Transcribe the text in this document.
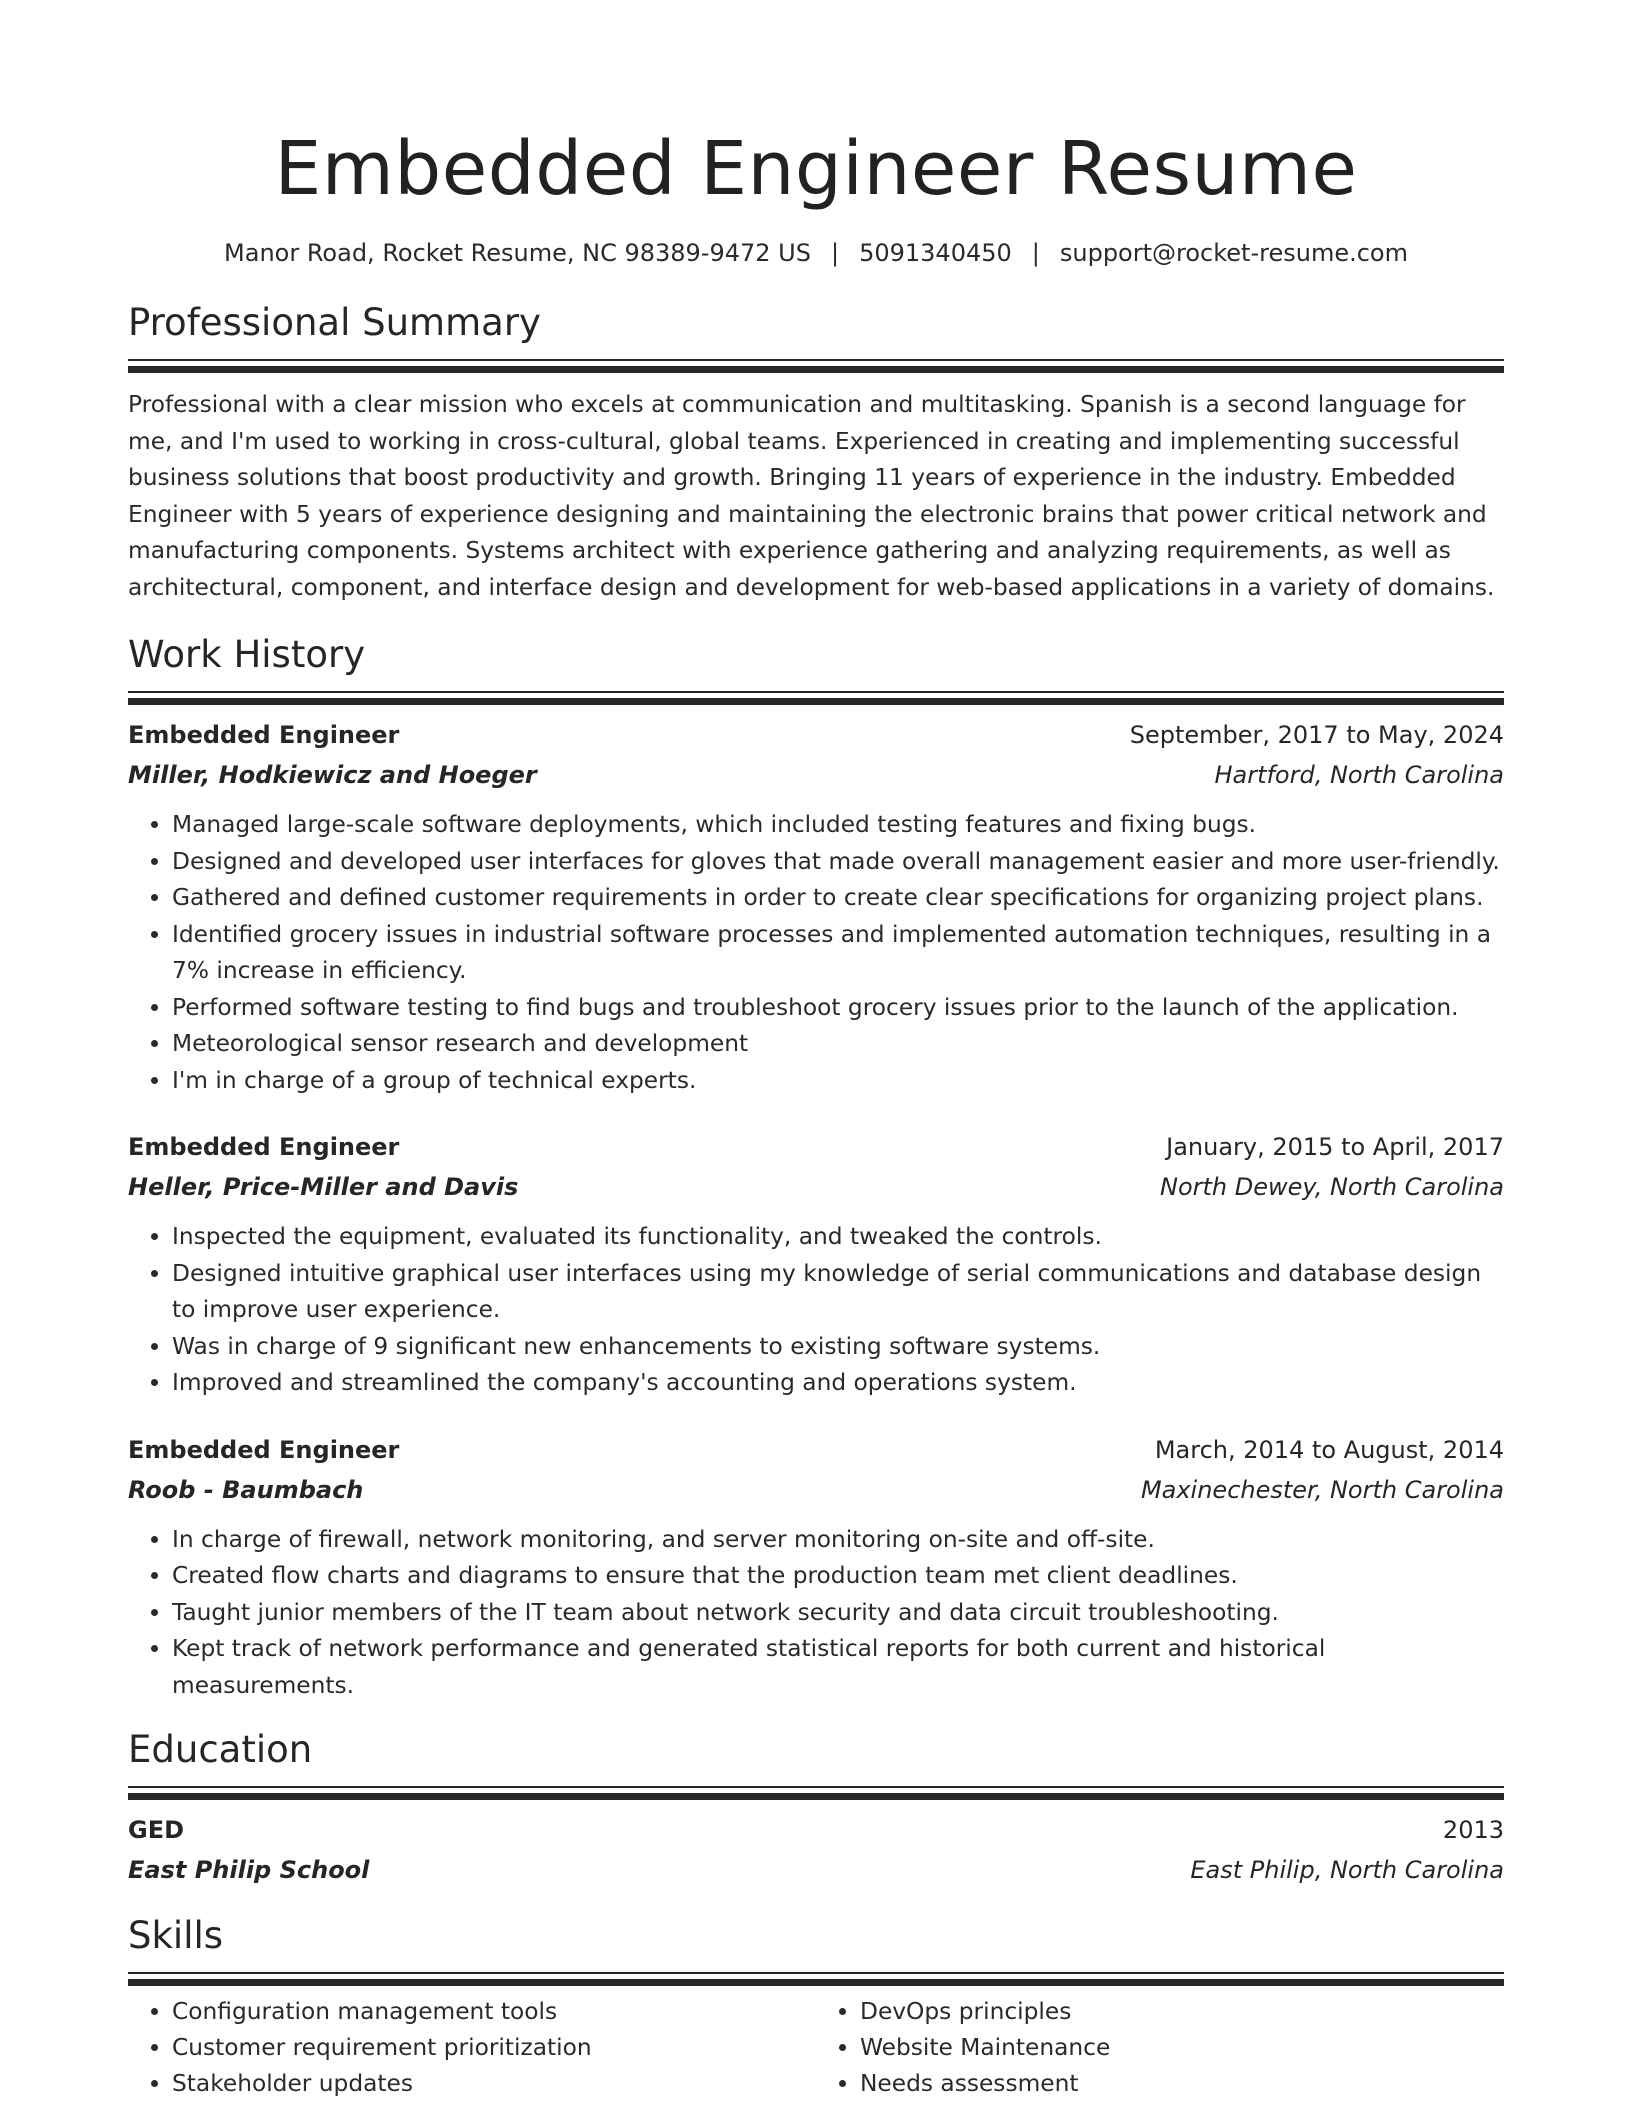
Embedded Engineer Resume
Manor Road, Rocket Resume, NC 98389-9472 US | 5091340450 | support@rocket-resume.com
Professional Summary
Professional with a clear mission who excels at communication and multitasking. Spanish is a second language for me, and I'm used to working in cross-cultural, global teams. Experienced in creating and implementing successful business solutions that boost productivity and growth. Bringing 11 years of experience in the industry. Embedded Engineer with 5 years of experience designing and maintaining the electronic brains that power critical network and manufacturing components. Systems architect with experience gathering and analyzing requirements, as well as architectural, component, and interface design and development for web-based applications in a variety of domains.
Work History
Embedded Engineer	September, 2017 to May, 2024
Miller, Hodkiewicz and Hoeger	Hartford, North Carolina
• Managed large-scale software deployments, which included testing features and fixing bugs.
• Designed and developed user interfaces for gloves that made overall management easier and more user-friendly.
• Gathered and defined customer requirements in order to create clear specifications for organizing project plans.
• Identified grocery issues in industrial software processes and implemented automation techniques, resulting in a 7% increase in efficiency.
• Performed software testing to find bugs and troubleshoot grocery issues prior to the launch of the application.
• Meteorological sensor research and development
• I'm in charge of a group of technical experts.
Embedded Engineer	January, 2015 to April, 2017
Heller, Price-Miller and Davis	North Dewey, North Carolina
• Inspected the equipment, evaluated its functionality, and tweaked the controls.
• Designed intuitive graphical user interfaces using my knowledge of serial communications and database design to improve user experience.
• Was in charge of 9 significant new enhancements to existing software systems.
• Improved and streamlined the company's accounting and operations system.
Embedded Engineer	March, 2014 to August, 2014
Roob - Baumbach	Maxinechester, North Carolina
• In charge of firewall, network monitoring, and server monitoring on-site and off-site.
• Created flow charts and diagrams to ensure that the production team met client deadlines.
• Taught junior members of the IT team about network security and data circuit troubleshooting.
• Kept track of network performance and generated statistical reports for both current and historical measurements.
Education
GED	2013
East Philip School	East Philip, North Carolina
Skills
• Configuration management tools
• Customer requirement prioritization
• Stakeholder updates
• DevOps principles
• Website Maintenance
• Needs assessment
